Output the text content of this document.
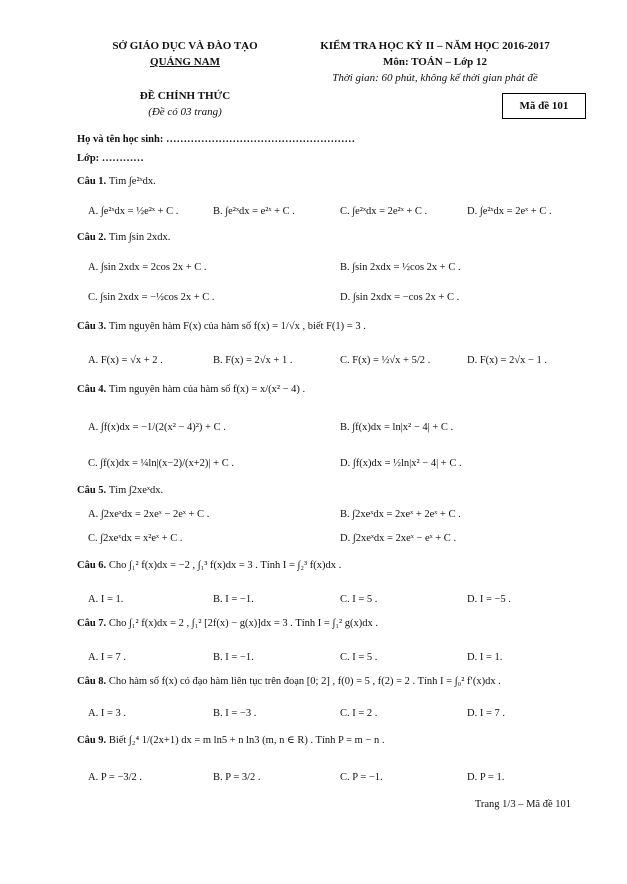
SỞ GIÁO DỤC VÀ ĐÀO TẠO
QUẢNG NAM
ĐỀ CHÍNH THỨC
(Đề có 03 trang)
KIỂM TRA HỌC KỲ II – NĂM HỌC 2016-2017
Môn: TOÁN – Lớp 12
Thời gian: 60 phút, không kể thời gian phát đề
Mã đề 101
Họ và tên học sinh: ………………………………………………
Lớp: …………
Câu 1. Tìm ∫e²ˣdx.
A. ∫e²ˣdx = ½e²ˣ + C .	B. ∫e²ˣdx = e²ˣ + C .	C. ∫e²ˣdx = 2e²ˣ + C .	D. ∫e²ˣdx = 2eˣ + C .
Câu 2. Tìm ∫sin 2xdx.
A. ∫sin 2xdx = 2cos 2x + C .	B. ∫sin 2xdx = ½cos 2x + C .
C. ∫sin 2xdx = −½cos 2x + C .	D. ∫sin 2xdx = −cos 2x + C .
Câu 3. Tìm nguyên hàm F(x) của hàm số f(x) = 1/√x , biết F(1) = 3 .
A. F(x) = √x + 2 .	B. F(x) = 2√x + 1 .	C. F(x) = ½√x + 5/2 .	D. F(x) = 2√x − 1 .
Câu 4. Tìm nguyên hàm của hàm số f(x) = x/(x² − 4) .
A. ∫f(x)dx = −1/(2(x² − 4)²) + C .	B. ∫f(x)dx = ln|x² − 4| + C .
C. ∫f(x)dx = ¼ln|(x−2)/(x+2)| + C .	D. ∫f(x)dx = ½ln|x² − 4| + C .
Câu 5. Tìm ∫2xeˣdx.
A. ∫2xeˣdx = 2xeˣ − 2eˣ + C .	B. ∫2xeˣdx = 2xeˣ + 2eˣ + C .
C. ∫2xeˣdx = x²eˣ + C .	D. ∫2xeˣdx = 2xeˣ − eˣ + C .
Câu 6. Cho ∫₁² f(x)dx = −2 , ∫₁³ f(x)dx = 3 . Tính I = ∫₂³ f(x)dx .
A. I = 1.	B. I = −1.	C. I = 5 .	D. I = −5 .
Câu 7. Cho ∫₁² f(x)dx = 2 , ∫₁² [2f(x) − g(x)]dx = 3 . Tính I = ∫₁² g(x)dx .
A. I = 7 .	B. I = −1.	C. I = 5 .	D. I = 1.
Câu 8. Cho hàm số f(x) có đạo hàm liên tục trên đoạn [0; 2] , f(0) = 5 , f(2) = 2 . Tính I = ∫₀² f′(x)dx .
A. I = 3 .	B. I = −3 .	C. I = 2 .	D. I = 7 .
Câu 9. Biết ∫₂⁴ 1/(2x+1) dx = m ln5 + n ln3 (m, n ∈ R) . Tính P = m − n .
A. P = −3/2 .	B. P = 3/2 .	C. P = −1.	D. P = 1.
Trang 1/3 – Mã đề 101
